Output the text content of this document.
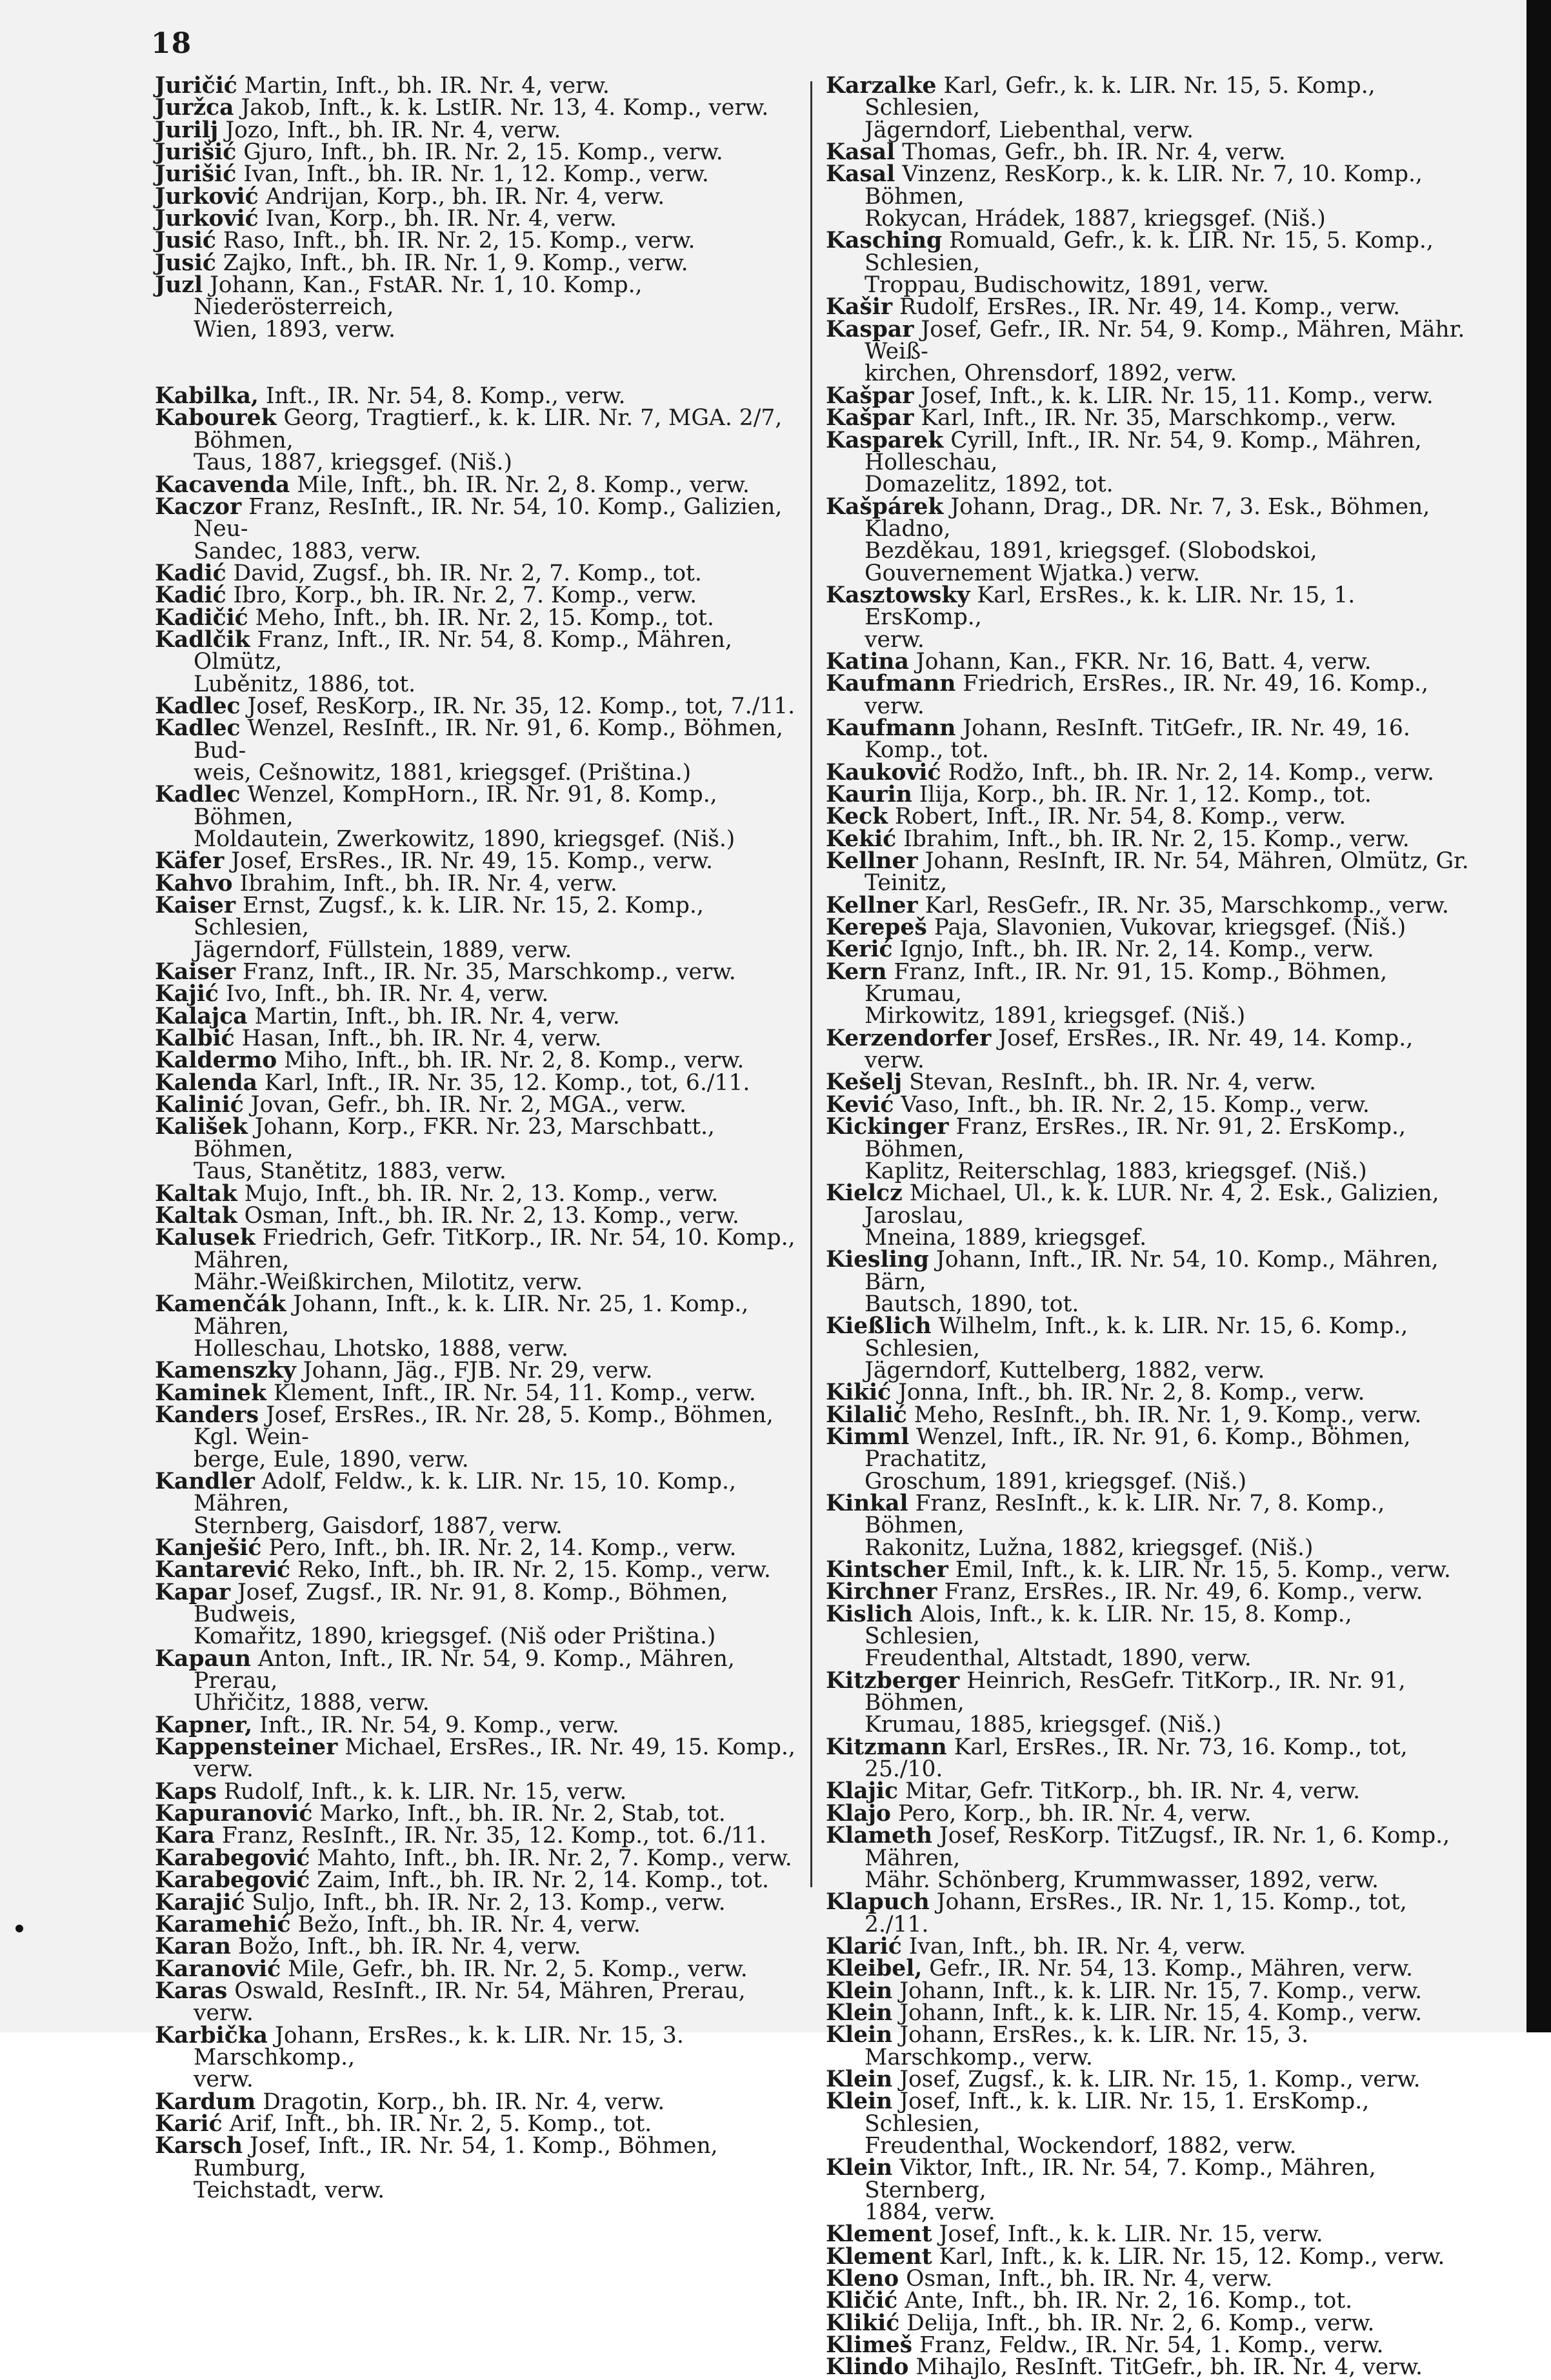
18

Juričić Martin, Inft., bh. IR. Nr. 4, verw.

Juržca Jakob, Inft., k. k. LstIR. Nr. 13, 4. Komp., verw.

Jurilj Jozo, Inft., bh. IR. Nr. 4, verw.

Jurišić Gjuro, Inft., bh. IR. Nr. 2, 15. Komp., verw.

Jurišić Ivan, Inft., bh. IR. Nr. 1, 12. Komp., verw.

Jurković Andrijan, Korp., bh. IR. Nr. 4, verw.

Jurković Ivan, Korp., bh. IR. Nr. 4, verw.

Jusić Raso, Inft., bh. IR. Nr. 2, 15. Komp., verw.

Jusić Zajko, Inft., bh. IR. Nr. 1, 9. Komp., verw.

Juzl Johann, Kan., FstAR. Nr. 1, 10. Komp., Niederösterreich,
Wien, 1893, verw.

Kabilka, Inft., IR. Nr. 54, 8. Komp., verw.

Kabourek Georg, Tragtierf., k. k. LIR. Nr. 7, MGA. 2/7, Böhmen,
Taus, 1887, kriegsgef. (Niš.)

Kacavenda Mile, Inft., bh. IR. Nr. 2, 8. Komp., verw.

Kaczor Franz, ResInft., IR. Nr. 54, 10. Komp., Galizien, Neu-
Sandec, 1883, verw.

Kadić David, Zugsf., bh. IR. Nr. 2, 7. Komp., tot.

Kadić Ibro, Korp., bh. IR. Nr. 2, 7. Komp., verw.

Kadičić Meho, Inft., bh. IR. Nr. 2, 15. Komp., tot.

Kadlčik Franz, Inft., IR. Nr. 54, 8. Komp., Mähren, Olmütz,
Luběnitz, 1886, tot.

Kadlec Josef, ResKorp., IR. Nr. 35, 12. Komp., tot, 7./11.

Kadlec Wenzel, ResInft., IR. Nr. 91, 6. Komp., Böhmen, Bud-
weis, Cešnowitz, 1881, kriegsgef. (Priština.)

Kadlec Wenzel, KompHorn., IR. Nr. 91, 8. Komp., Böhmen,
Moldautein, Zwerkowitz, 1890, kriegsgef. (Niš.)

Käfer Josef, ErsRes., IR. Nr. 49, 15. Komp., verw.

Kahvo Ibrahim, Inft., bh. IR. Nr. 4, verw.

Kaiser Ernst, Zugsf., k. k. LIR. Nr. 15, 2. Komp., Schlesien,
Jägerndorf, Füllstein, 1889, verw.

Kaiser Franz, Inft., IR. Nr. 35, Marschkomp., verw.

Kajić Ivo, Inft., bh. IR. Nr. 4, verw.

Kalajca Martin, Inft., bh. IR. Nr. 4, verw.

Kalbić Hasan, Inft., bh. IR. Nr. 4, verw.

Kaldermo Miho, Inft., bh. IR. Nr. 2, 8. Komp., verw.

Kalenda Karl, Inft., IR. Nr. 35, 12. Komp., tot, 6./11.

Kalinić Jovan, Gefr., bh. IR. Nr. 2, MGA., verw.

Kališek Johann, Korp., FKR. Nr. 23, Marschbatt., Böhmen,
Taus, Stanětitz, 1883, verw.

Kaltak Mujo, Inft., bh. IR. Nr. 2, 13. Komp., verw.

Kaltak Osman, Inft., bh. IR. Nr. 2, 13. Komp., verw.

Kalusek Friedrich, Gefr. TitKorp., IR. Nr. 54, 10. Komp., Mähren,
Mähr.-Weißkirchen, Milotitz, verw.

Kamenčák Johann, Inft., k. k. LIR. Nr. 25, 1. Komp., Mähren,
Holleschau, Lhotsko, 1888, verw.

Kamenszky Johann, Jäg., FJB. Nr. 29, verw.

Kaminek Klement, Inft., IR. Nr. 54, 11. Komp., verw.

Kanders Josef, ErsRes., IR. Nr. 28, 5. Komp., Böhmen, Kgl. Wein-
berge, Eule, 1890, verw.

Kandler Adolf, Feldw., k. k. LIR. Nr. 15, 10. Komp., Mähren,
Sternberg, Gaisdorf, 1887, verw.

Kanješić Pero, Inft., bh. IR. Nr. 2, 14. Komp., verw.

Kantarević Reko, Inft., bh. IR. Nr. 2, 15. Komp., verw.

Kapar Josef, Zugsf., IR. Nr. 91, 8. Komp., Böhmen, Budweis,
Komařitz, 1890, kriegsgef. (Niš oder Priština.)

Kapaun Anton, Inft., IR. Nr. 54, 9. Komp., Mähren, Prerau,
Uhřičitz, 1888, verw.

Kapner, Inft., IR. Nr. 54, 9. Komp., verw.

Kappensteiner Michael, ErsRes., IR. Nr. 49, 15. Komp., verw.

Kaps Rudolf, Inft., k. k. LIR. Nr. 15, verw.

Kapuranović Marko, Inft., bh. IR. Nr. 2, Stab, tot.

Kara Franz, ResInft., IR. Nr. 35, 12. Komp., tot. 6./11.

Karabegović Mahto, Inft., bh. IR. Nr. 2, 7. Komp., verw.

Karabegović Zaim, Inft., bh. IR. Nr. 2, 14. Komp., tot.

Karajić Suljo, Inft., bh. IR. Nr. 2, 13. Komp., verw.

Karamehić Bežo, Inft., bh. IR. Nr. 4, verw.

Karan Božo, Inft., bh. IR. Nr. 4, verw.

Karanović Mile, Gefr., bh. IR. Nr. 2, 5. Komp., verw.

Karas Oswald, ResInft., IR. Nr. 54, Mähren, Prerau, verw.

Karbička Johann, ErsRes., k. k. LIR. Nr. 15, 3. Marschkomp.,
verw.

Kardum Dragotin, Korp., bh. IR. Nr. 4, verw.

Karić Arif, Inft., bh. IR. Nr. 2, 5. Komp., tot.

Karsch Josef, Inft., IR. Nr. 54, 1. Komp., Böhmen, Rumburg,
Teichstadt, verw.

Karzalke Karl, Gefr., k. k. LIR. Nr. 15, 5. Komp., Schlesien,
Jägerndorf, Liebenthal, verw.

Kasal Thomas, Gefr., bh. IR. Nr. 4, verw.

Kasal Vinzenz, ResKorp., k. k. LIR. Nr. 7, 10. Komp., Böhmen,
Rokycan, Hrádek, 1887, kriegsgef. (Niš.)

Kasching Romuald, Gefr., k. k. LIR. Nr. 15, 5. Komp., Schlesien,
Troppau, Budischowitz, 1891, verw.

Kašir Rudolf, ErsRes., IR. Nr. 49, 14. Komp., verw.

Kaspar Josef, Gefr., IR. Nr. 54, 9. Komp., Mähren, Mähr. Weiß-
kirchen, Ohrensdorf, 1892, verw.

Kašpar Josef, Inft., k. k. LIR. Nr. 15, 11. Komp., verw.

Kašpar Karl, Inft., IR. Nr. 35, Marschkomp., verw.

Kasparek Cyrill, Inft., IR. Nr. 54, 9. Komp., Mähren, Holleschau,
Domazelitz, 1892, tot.

Kašpárek Johann, Drag., DR. Nr. 7, 3. Esk., Böhmen, Kladno,
Bezděkau, 1891, kriegsgef. (Slobodskoi, Gouvernement Wjatka.) verw.

Kasztowsky Karl, ErsRes., k. k. LIR. Nr. 15, 1. ErsKomp.,
verw.

Katina Johann, Kan., FKR. Nr. 16, Batt. 4, verw.

Kaufmann Friedrich, ErsRes., IR. Nr. 49, 16. Komp., verw.

Kaufmann Johann, ResInft. TitGefr., IR. Nr. 49, 16. Komp., tot.

Kauković Rodžo, Inft., bh. IR. Nr. 2, 14. Komp., verw.

Kaurin Ilija, Korp., bh. IR. Nr. 1, 12. Komp., tot.

Keck Robert, Inft., IR. Nr. 54, 8. Komp., verw.

Kekić Ibrahim, Inft., bh. IR. Nr. 2, 15. Komp., verw.

Kellner Johann, ResInft, IR. Nr. 54, Mähren, Olmütz, Gr. Teinitz,

Kellner Karl, ResGefr., IR. Nr. 35, Marschkomp., verw.

Kerepeš Paja, Slavonien, Vukovar, kriegsgef. (Niš.)

Kerić Ignjo, Inft., bh. IR. Nr. 2, 14. Komp., verw.

Kern Franz, Inft., IR. Nr. 91, 15. Komp., Böhmen, Krumau,
Mirkowitz, 1891, kriegsgef. (Niš.)

Kerzendorfer Josef, ErsRes., IR. Nr. 49, 14. Komp., verw.

Kešelj Stevan, ResInft., bh. IR. Nr. 4, verw.

Kević Vaso, Inft., bh. IR. Nr. 2, 15. Komp., verw.

Kickinger Franz, ErsRes., IR. Nr. 91, 2. ErsKomp., Böhmen,
Kaplitz, Reiterschlag, 1883, kriegsgef. (Niš.)

Kielcz Michael, Ul., k. k. LUR. Nr. 4, 2. Esk., Galizien, Jaroslau,
Mneina, 1889, kriegsgef.

Kiesling Johann, Inft., IR. Nr. 54, 10. Komp., Mähren, Bärn,
Bautsch, 1890, tot.

Kießlich Wilhelm, Inft., k. k. LIR. Nr. 15, 6. Komp., Schlesien,
Jägerndorf, Kuttelberg, 1882, verw.

Kikić Jonna, Inft., bh. IR. Nr. 2, 8. Komp., verw.

Kilalić Meho, ResInft., bh. IR. Nr. 1, 9. Komp., verw.

Kimml Wenzel, Inft., IR. Nr. 91, 6. Komp., Böhmen, Prachatitz,
Groschum, 1891, kriegsgef. (Niš.)

Kinkal Franz, ResInft., k. k. LIR. Nr. 7, 8. Komp., Böhmen,
Rakonitz, Lužna, 1882, kriegsgef. (Niš.)

Kintscher Emil, Inft., k. k. LIR. Nr. 15, 5. Komp., verw.

Kirchner Franz, ErsRes., IR. Nr. 49, 6. Komp., verw.

Kislich Alois, Inft., k. k. LIR. Nr. 15, 8. Komp., Schlesien,
Freudenthal, Altstadt, 1890, verw.

Kitzberger Heinrich, ResGefr. TitKorp., IR. Nr. 91, Böhmen,
Krumau, 1885, kriegsgef. (Niš.)

Kitzmann Karl, ErsRes., IR. Nr. 73, 16. Komp., tot, 25./10.

Klajic Mitar, Gefr. TitKorp., bh. IR. Nr. 4, verw.

Klajo Pero, Korp., bh. IR. Nr. 4, verw.

Klameth Josef, ResKorp. TitZugsf., IR. Nr. 1, 6. Komp., Mähren,
Mähr. Schönberg, Krummwasser, 1892, verw.

Klapuch Johann, ErsRes., IR. Nr. 1, 15. Komp., tot, 2./11.

Klarić Ivan, Inft., bh. IR. Nr. 4, verw.

Kleibel, Gefr., IR. Nr. 54, 13. Komp., Mähren, verw.

Klein Johann, Inft., k. k. LIR. Nr. 15, 7. Komp., verw.

Klein Johann, Inft., k. k. LIR. Nr. 15, 4. Komp., verw.

Klein Johann, ErsRes., k. k. LIR. Nr. 15, 3. Marschkomp., verw.

Klein Josef, Zugsf., k. k. LIR. Nr. 15, 1. Komp., verw.

Klein Josef, Inft., k. k. LIR. Nr. 15, 1. ErsKomp., Schlesien,
Freudenthal, Wockendorf, 1882, verw.

Klein Viktor, Inft., IR. Nr. 54, 7. Komp., Mähren, Sternberg,
1884, verw.

Klement Josef, Inft., k. k. LIR. Nr. 15, verw.

Klement Karl, Inft., k. k. LIR. Nr. 15, 12. Komp., verw.

Kleno Osman, Inft., bh. IR. Nr. 4, verw.

Kličić Ante, Inft., bh. IR. Nr. 2, 16. Komp., tot.

Klikić Delija, Inft., bh. IR. Nr. 2, 6. Komp., verw.

Klimeš Franz, Feldw., IR. Nr. 54, 1. Komp., verw.

Klindo Mihajlo, ResInft. TitGefr., bh. IR. Nr. 4, verw.
